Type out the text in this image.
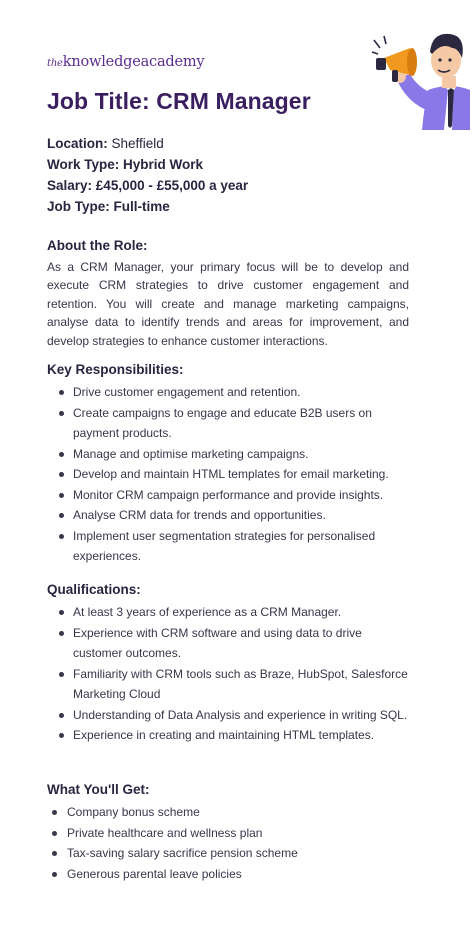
theknowledgeacademy
Job Title: CRM Manager
Location: Sheffield
Work Type: Hybrid Work
Salary: £45,000 - £55,000 a year
Job Type: Full-time
About the Role:

As a CRM Manager, your primary focus will be to develop and execute CRM strategies to drive customer engagement and retention. You will create and manage marketing campaigns, analyse data to identify trends and areas for improvement, and develop strategies to enhance customer interactions.

Key Responsibilities:
Drive customer engagement and retention.
Create campaigns to engage and educate B2B users on payment products.
Manage and optimise marketing campaigns.
Develop and maintain HTML templates for email marketing.
Monitor CRM campaign performance and provide insights.
Analyse CRM data for trends and opportunities.
Implement user segmentation strategies for personalised experiences.
Qualifications:
At least 3 years of experience as a CRM Manager.
Experience with CRM software and using data to drive customer outcomes.
Familiarity with CRM tools such as Braze, HubSpot, Salesforce Marketing Cloud
Understanding of Data Analysis and experience in writing SQL.
Experience in creating and maintaining HTML templates.
What You'll Get:
Company bonus scheme
Private healthcare and wellness plan
Tax-saving salary sacrifice pension scheme
Generous parental leave policies
